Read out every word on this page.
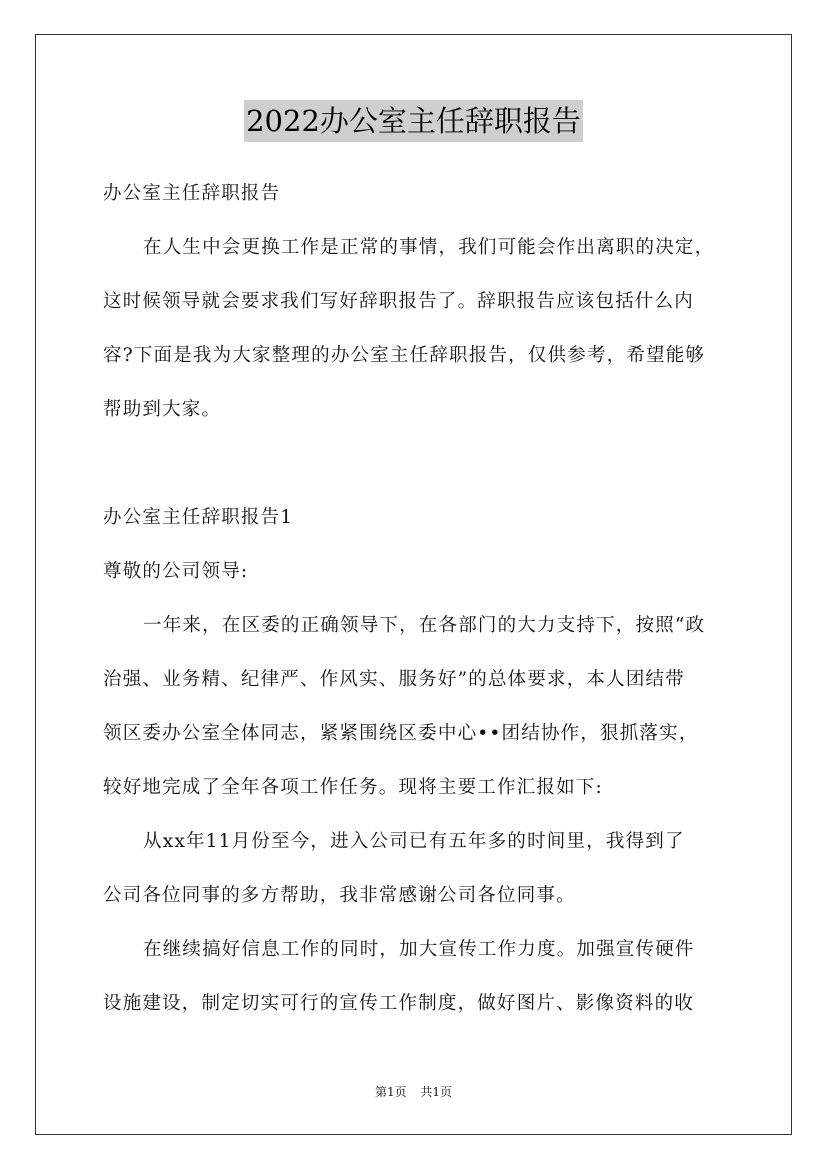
2022办公室主任辞职报告
办公室主任辞职报告
在人生中会更换工作是正常的事情，我们可能会作出离职的决定，
这时候领导就会要求我们写好辞职报告了。辞职报告应该包括什么内
容?下面是我为大家整理的办公室主任辞职报告，仅供参考，希望能够
帮助到大家。
办公室主任辞职报告1
尊敬的公司领导:
一年来，在区委的正确领导下，在各部门的大力支持下，按照“政
治强、业务精、纪律严、作风实、服务好”的总体要求，本人团结带
领区委办公室全体同志，紧紧围绕区委中心••团结协作，狠抓落实，
较好地完成了全年各项工作任务。现将主要工作汇报如下:
从xx年11月份至今，进入公司已有五年多的时间里，我得到了
公司各位同事的多方帮助，我非常感谢公司各位同事。
在继续搞好信息工作的同时，加大宣传工作力度。加强宣传硬件
设施建设，制定切实可行的宣传工作制度，做好图片、影像资料的收
第1页 共1页
